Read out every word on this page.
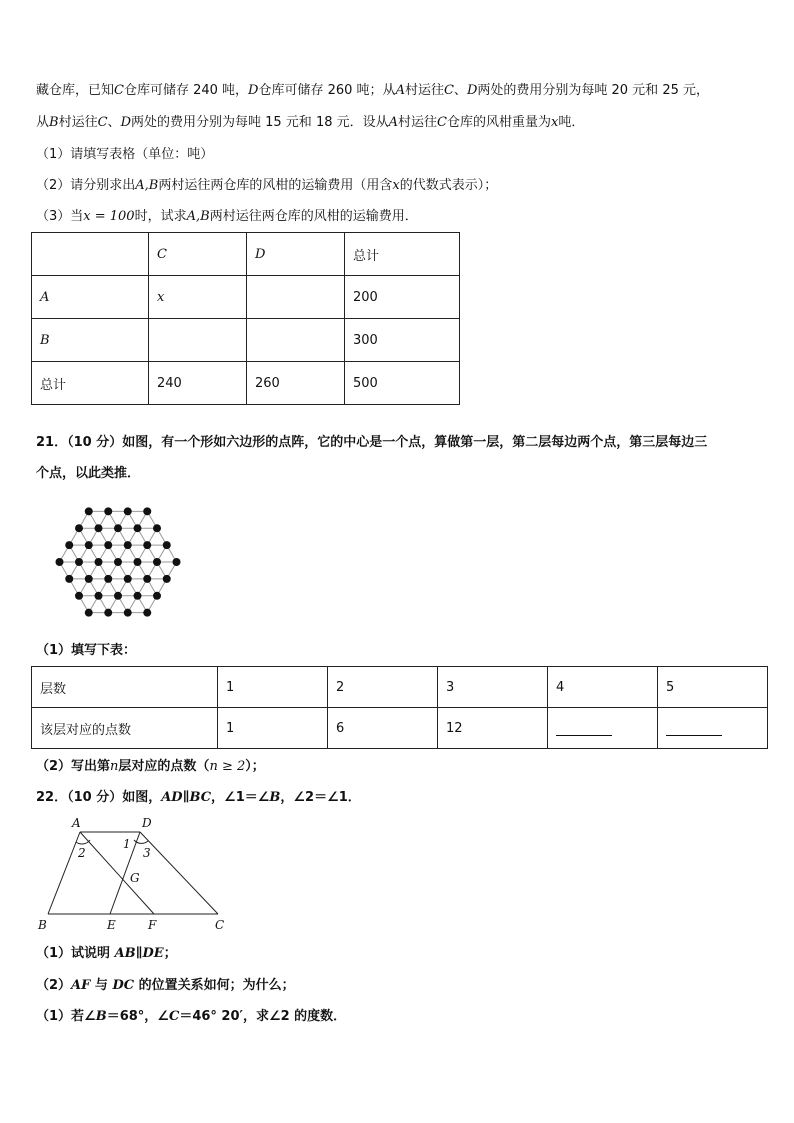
藏仓库，已知C仓库可储存 240 吨，D仓库可储存 260 吨；从A村运往C、D两处的费用分别为每吨 20 元和 25 元，
从B村运往C、D两处的费用分别为每吨 15 元和 18 元．设从A村运往C仓库的风柑重量为x吨．
（1）请填写表格（单位：吨）
（2）请分别求出A,B两村运往两仓库的风柑的运输费用（用含x的代数式表示）；
（3）当x = 100时，试求A,B两村运往两仓库的风柑的运输费用．
	C	D	总计
A	x		200
B			300
总计	240	260	500
21．（10 分）如图，有一个形如六边形的点阵，它的中心是一个点，算做第一层，第二层每边两个点，第三层每边三
个点，以此类推．
（1）填写下表：
层数	1	2	3	4	5
该层对应的点数	1	6	12		
（2）写出第n层对应的点数（n ≥ 2）；
22．（10 分）如图，AD∥BC，∠1＝∠B，∠2＝∠1．
A	D
2
1
3
G
B	E	F	C
（1）试说明 AB∥DE；
（2）AF 与 DC 的位置关系如何；为什么；
（1）若∠B＝68°，∠C＝46° 20′，求∠2 的度数．
